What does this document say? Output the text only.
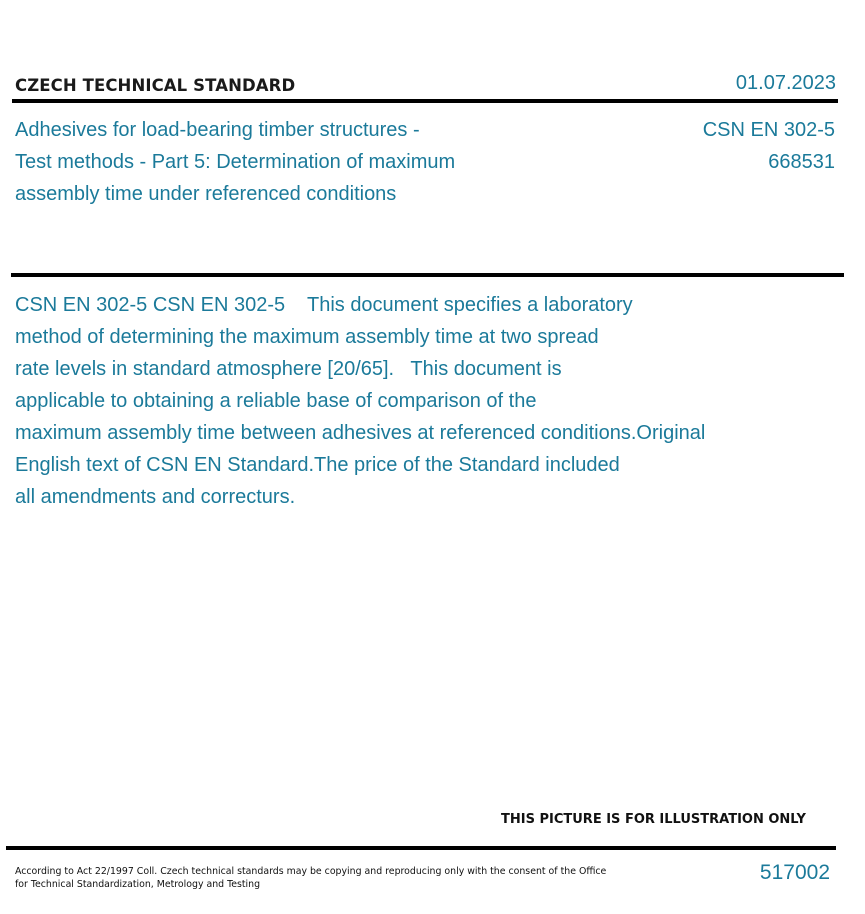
CZECH TECHNICAL STANDARD	01.07.2023
Adhesives for load-bearing timber structures -
Test methods - Part 5: Determination of maximum
assembly time under referenced conditions
CSN EN 302-5
668531
CSN EN 302-5 CSN EN 302-5    This document specifies a laboratory
method of determining the maximum assembly time at two spread
rate levels in standard atmosphere [20/65].   This document is
applicable to obtaining a reliable base of comparison of the
maximum assembly time between adhesives at referenced conditions.Original
English text of CSN EN Standard.The price of the Standard included
all amendments and correcturs.
THIS PICTURE IS FOR ILLUSTRATION ONLY
According to Act 22/1997 Coll. Czech technical standards may be copying and reproducing only with the consent of the Office
for Technical Standardization, Metrology and Testing
517002
